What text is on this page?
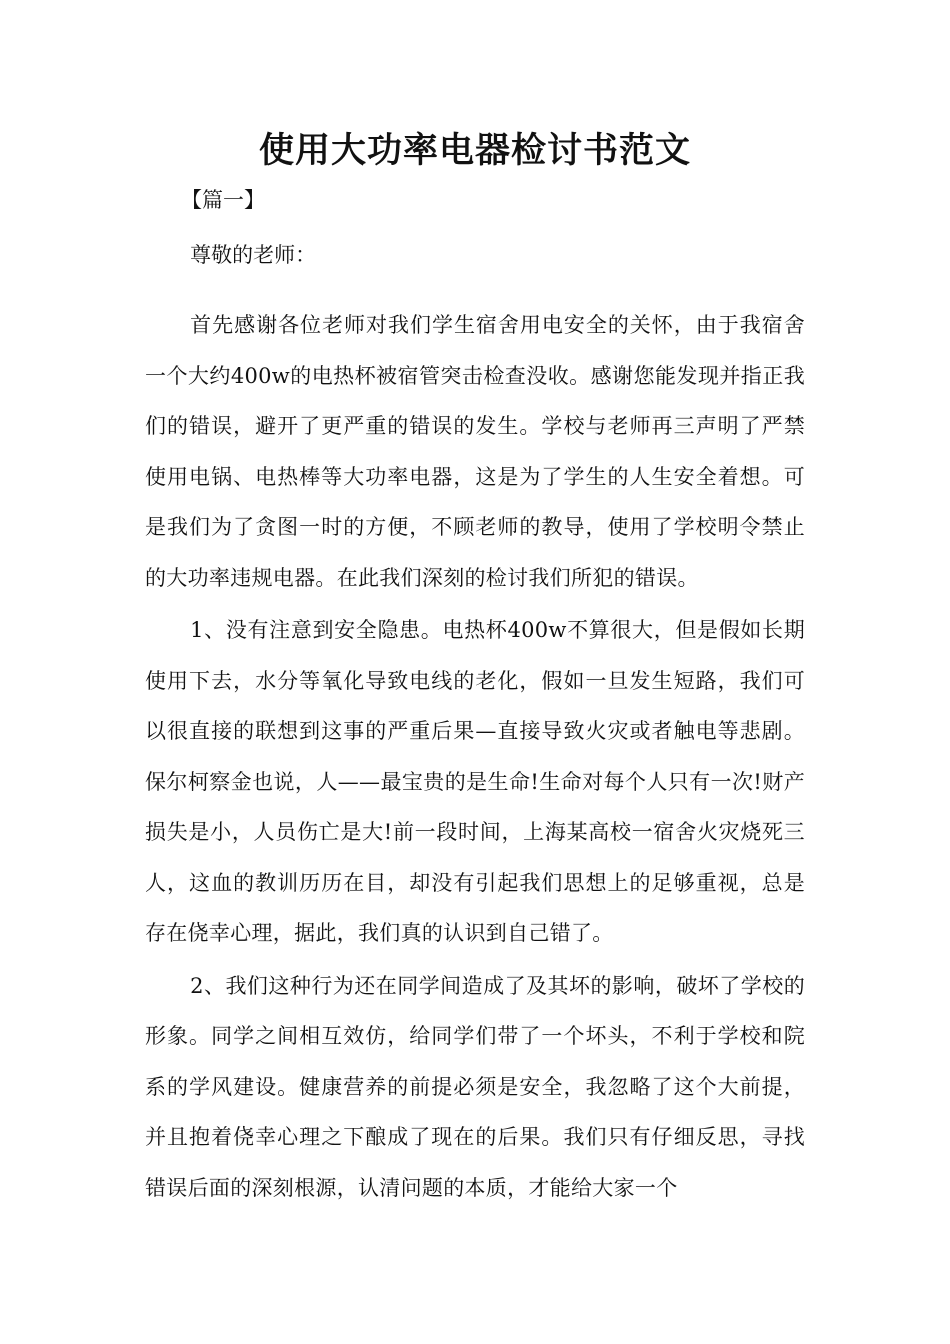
使用大功率电器检讨书范文

【篇一】

尊敬的老师：

首先感谢各位老师对我们学生宿舍用电安全的关怀，由于我宿舍一个大约400w的电热杯被宿管突击检查没收。感谢您能发现并指正我们的错误，避开了更严重的错误的发生。学校与老师再三声明了严禁使用电锅、电热棒等大功率电器，这是为了学生的人生安全着想。可是我们为了贪图一时的方便，不顾老师的教导，使用了学校明令禁止的大功率违规电器。在此我们深刻的检讨我们所犯的错误。

1、没有注意到安全隐患。电热杯400w不算很大，但是假如长期使用下去，水分等氧化导致电线的老化，假如一旦发生短路，我们可以很直接的联想到这事的严重后果—直接导致火灾或者触电等悲剧。保尔柯察金也说，人——最宝贵的是生命!生命对每个人只有一次!财产损失是小，人员伤亡是大!前一段时间，上海某高校一宿舍火灾烧死三人，这血的教训历历在目，却没有引起我们思想上的足够重视，总是存在侥幸心理，据此，我们真的认识到自己错了。

2、我们这种行为还在同学间造成了及其坏的影响，破坏了学校的形象。同学之间相互效仿，给同学们带了一个坏头，不利于学校和院系的学风建设。健康营养的前提必须是安全，我忽略了这个大前提，并且抱着侥幸心理之下酿成了现在的后果。我们只有仔细反思，寻找错误后面的深刻根源，认清问题的本质，才能给大家一个
